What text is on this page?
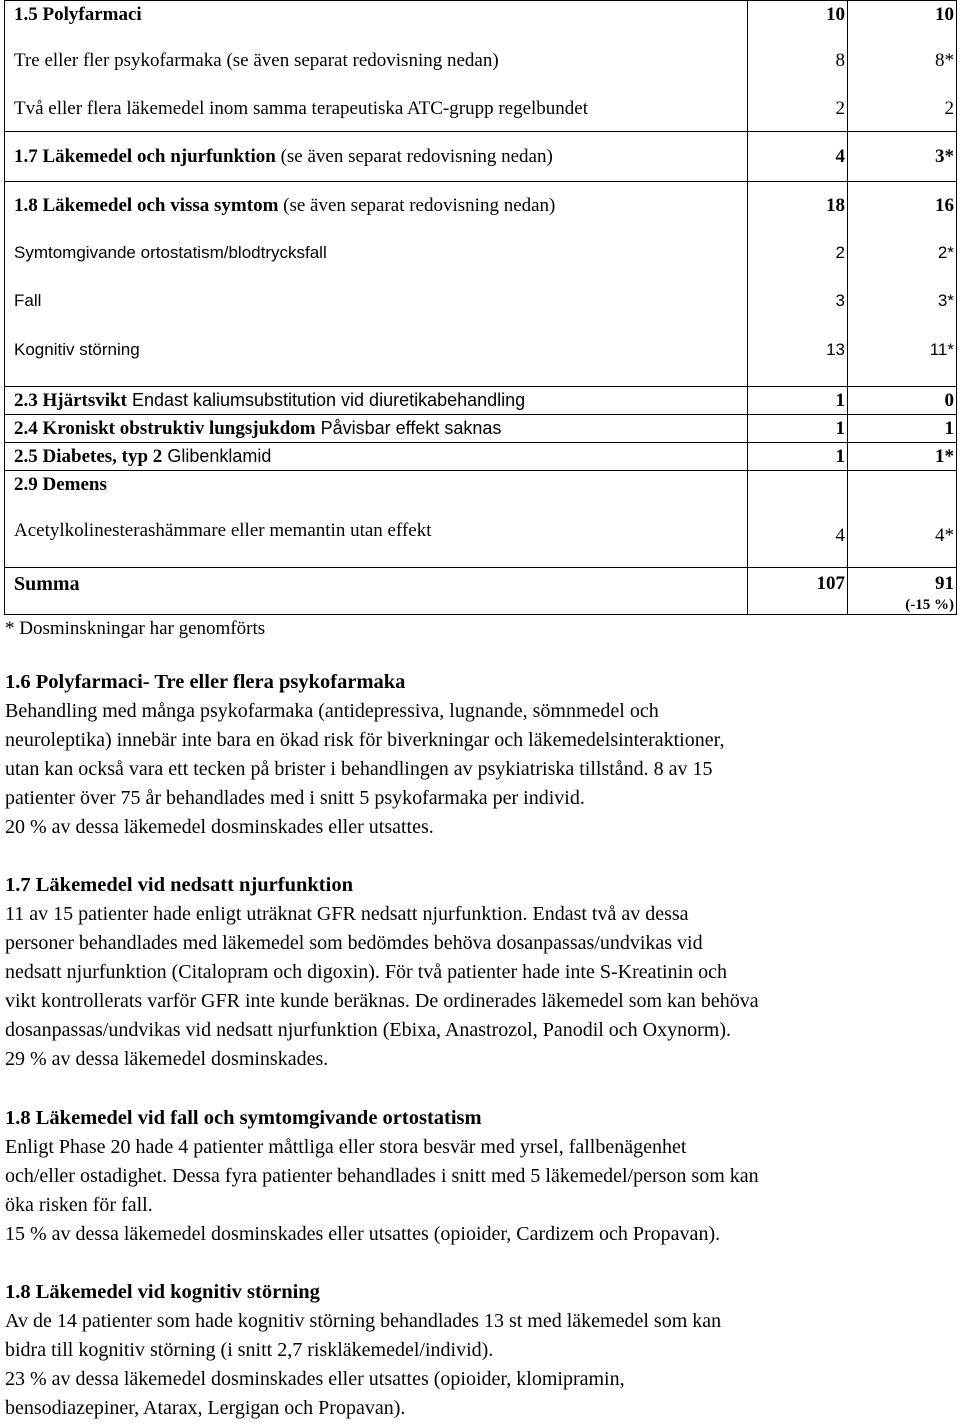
1.5 Polyfarmaci	10	10
Tre eller fler psykofarmaka (se även separat redovisning nedan)	8	8*
Två eller flera läkemedel inom samma terapeutiska ATC-grupp regelbundet	2	2
1.7 Läkemedel och njurfunktion (se även separat redovisning nedan)	4	3*
1.8 Läkemedel och vissa symtom (se även separat redovisning nedan)	18	16
Symtomgivande ortostatism/blodtrycksfall	2	2*
Fall	3	3*
Kognitiv störning	13	11*
2.3 Hjärtsvikt Endast kaliumsubstitution vid diuretikabehandling	1	0
2.4 Kroniskt obstruktiv lungsjukdom Påvisbar effekt saknas	1	1
2.5 Diabetes, typ 2 Glibenklamid	1	1*
2.9 Demens
Acetylkolinesterashämmare eller memantin utan effekt	4	4*
Summa	107	91
(-15 %)
* Dosminskningar har genomförts
1.6 Polyfarmaci- Tre eller flera psykofarmaka

Behandling med många psykofarmaka (antidepressiva, lugnande, sömnmedel och

neuroleptika) innebär inte bara en ökad risk för biverkningar och läkemedelsinteraktioner,

utan kan också vara ett tecken på brister i behandlingen av psykiatriska tillstånd. 8 av 15

patienter över 75 år behandlades med i snitt 5 psykofarmaka per individ.

20 % av dessa läkemedel dosminskades eller utsattes.

1.7 Läkemedel vid nedsatt njurfunktion

11 av 15 patienter hade enligt uträknat GFR nedsatt njurfunktion. Endast två av dessa

personer behandlades med läkemedel som bedömdes behöva dosanpassas/undvikas vid

nedsatt njurfunktion (Citalopram och digoxin). För två patienter hade inte S-Kreatinin och

vikt kontrollerats varför GFR inte kunde beräknas. De ordinerades läkemedel som kan behöva

dosanpassas/undvikas vid nedsatt njurfunktion (Ebixa, Anastrozol, Panodil och Oxynorm).

29 % av dessa läkemedel dosminskades.

1.8 Läkemedel vid fall och symtomgivande ortostatism

Enligt Phase 20 hade 4 patienter måttliga eller stora besvär med yrsel, fallbenägenhet

och/eller ostadighet. Dessa fyra patienter behandlades i snitt med 5 läkemedel/person som kan

öka risken för fall.

15 % av dessa läkemedel dosminskades eller utsattes (opioider, Cardizem och Propavan).

1.8 Läkemedel vid kognitiv störning

Av de 14 patienter som hade kognitiv störning behandlades 13 st med läkemedel som kan

bidra till kognitiv störning (i snitt 2,7 riskläkemedel/individ).

23 % av dessa läkemedel dosminskades eller utsattes (opioider, klomipramin,

bensodiazepiner, Atarax, Lergigan och Propavan).
